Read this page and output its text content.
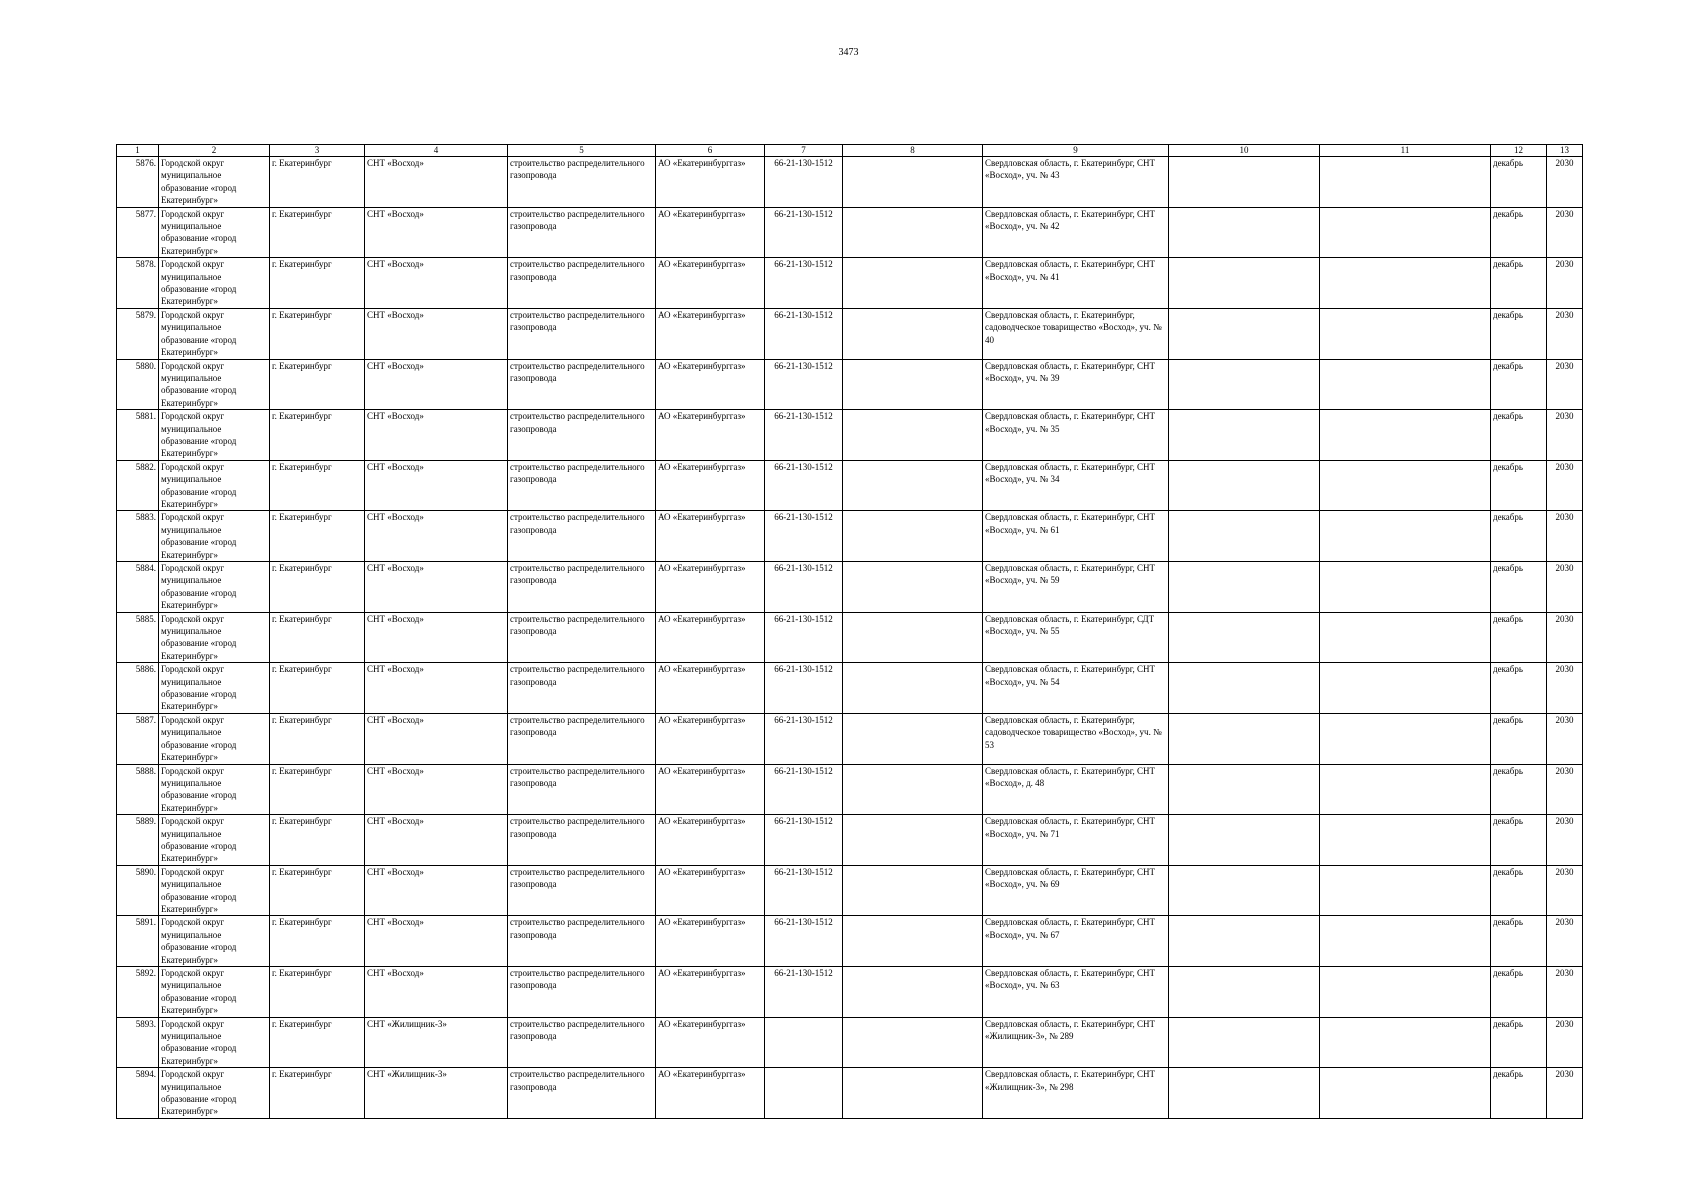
3473
1	2	3	4	5	6	7	8	9	10	11	12	13
5876.	Городской округ муниципальное образование «город Екатеринбург»	г. Екатеринбург	СНТ «Восход»	строительство распределительного газопровода	АО «Екатеринбурггаз»	66-21-130-1512		Свердловская область, г. Екатеринбург, СНТ «Восход», уч. № 43			декабрь	2030
5877.	Городской округ муниципальное образование «город Екатеринбург»	г. Екатеринбург	СНТ «Восход»	строительство распределительного газопровода	АО «Екатеринбурггаз»	66-21-130-1512		Свердловская область, г. Екатеринбург, СНТ «Восход», уч. № 42			декабрь	2030
5878.	Городской округ муниципальное образование «город Екатеринбург»	г. Екатеринбург	СНТ «Восход»	строительство распределительного газопровода	АО «Екатеринбурггаз»	66-21-130-1512		Свердловская область, г. Екатеринбург, СНТ «Восход», уч. № 41			декабрь	2030
5879.	Городской округ муниципальное образование «город Екатеринбург»	г. Екатеринбург	СНТ «Восход»	строительство распределительного газопровода	АО «Екатеринбурггаз»	66-21-130-1512		Свердловская область, г. Екатеринбург, садоводческое товарищество «Восход», уч. № 40			декабрь	2030
5880.	Городской округ муниципальное образование «город Екатеринбург»	г. Екатеринбург	СНТ «Восход»	строительство распределительного газопровода	АО «Екатеринбурггаз»	66-21-130-1512		Свердловская область, г. Екатеринбург, СНТ «Восход», уч. № 39			декабрь	2030
5881.	Городской округ муниципальное образование «город Екатеринбург»	г. Екатеринбург	СНТ «Восход»	строительство распределительного газопровода	АО «Екатеринбурггаз»	66-21-130-1512		Свердловская область, г. Екатеринбург, СНТ «Восход», уч. № 35			декабрь	2030
5882.	Городской округ муниципальное образование «город Екатеринбург»	г. Екатеринбург	СНТ «Восход»	строительство распределительного газопровода	АО «Екатеринбурггаз»	66-21-130-1512		Свердловская область, г. Екатеринбург, СНТ «Восход», уч. № 34			декабрь	2030
5883.	Городской округ муниципальное образование «город Екатеринбург»	г. Екатеринбург	СНТ «Восход»	строительство распределительного газопровода	АО «Екатеринбурггаз»	66-21-130-1512		Свердловская область, г. Екатеринбург, СНТ «Восход», уч. № 61			декабрь	2030
5884.	Городской округ муниципальное образование «город Екатеринбург»	г. Екатеринбург	СНТ «Восход»	строительство распределительного газопровода	АО «Екатеринбурггаз»	66-21-130-1512		Свердловская область, г. Екатеринбург, СНТ «Восход», уч. № 59			декабрь	2030
5885.	Городской округ муниципальное образование «город Екатеринбург»	г. Екатеринбург	СНТ «Восход»	строительство распределительного газопровода	АО «Екатеринбурггаз»	66-21-130-1512		Свердловская область, г. Екатеринбург, СДТ «Восход», уч. № 55			декабрь	2030
5886.	Городской округ муниципальное образование «город Екатеринбург»	г. Екатеринбург	СНТ «Восход»	строительство распределительного газопровода	АО «Екатеринбурггаз»	66-21-130-1512		Свердловская область, г. Екатеринбург, СНТ «Восход», уч. № 54			декабрь	2030
5887.	Городской округ муниципальное образование «город Екатеринбург»	г. Екатеринбург	СНТ «Восход»	строительство распределительного газопровода	АО «Екатеринбурггаз»	66-21-130-1512		Свердловская область, г. Екатеринбург, садоводческое товарищество «Восход», уч. № 53			декабрь	2030
5888.	Городской округ муниципальное образование «город Екатеринбург»	г. Екатеринбург	СНТ «Восход»	строительство распределительного газопровода	АО «Екатеринбурггаз»	66-21-130-1512		Свердловская область, г. Екатеринбург, СНТ «Восход», д. 48			декабрь	2030
5889.	Городской округ муниципальное образование «город Екатеринбург»	г. Екатеринбург	СНТ «Восход»	строительство распределительного газопровода	АО «Екатеринбурггаз»	66-21-130-1512		Свердловская область, г. Екатеринбург, СНТ «Восход», уч. № 71			декабрь	2030
5890.	Городской округ муниципальное образование «город Екатеринбург»	г. Екатеринбург	СНТ «Восход»	строительство распределительного газопровода	АО «Екатеринбурггаз»	66-21-130-1512		Свердловская область, г. Екатеринбург, СНТ «Восход», уч. № 69			декабрь	2030
5891.	Городской округ муниципальное образование «город Екатеринбург»	г. Екатеринбург	СНТ «Восход»	строительство распределительного газопровода	АО «Екатеринбурггаз»	66-21-130-1512		Свердловская область, г. Екатеринбург, СНТ «Восход», уч. № 67			декабрь	2030
5892.	Городской округ муниципальное образование «город Екатеринбург»	г. Екатеринбург	СНТ «Восход»	строительство распределительного газопровода	АО «Екатеринбурггаз»	66-21-130-1512		Свердловская область, г. Екатеринбург, СНТ «Восход», уч. № 63			декабрь	2030
5893.	Городской округ муниципальное образование «город Екатеринбург»	г. Екатеринбург	СНТ «Жилищник-3»	строительство распределительного газопровода	АО «Екатеринбурггаз»			Свердловская область, г. Екатеринбург, СНТ «Жилищник-3», № 289			декабрь	2030
5894.	Городской округ муниципальное образование «город Екатеринбург»	г. Екатеринбург	СНТ «Жилищник-3»	строительство распределительного газопровода	АО «Екатеринбурггаз»			Свердловская область, г. Екатеринбург, СНТ «Жилищник-3», № 298			декабрь	2030
